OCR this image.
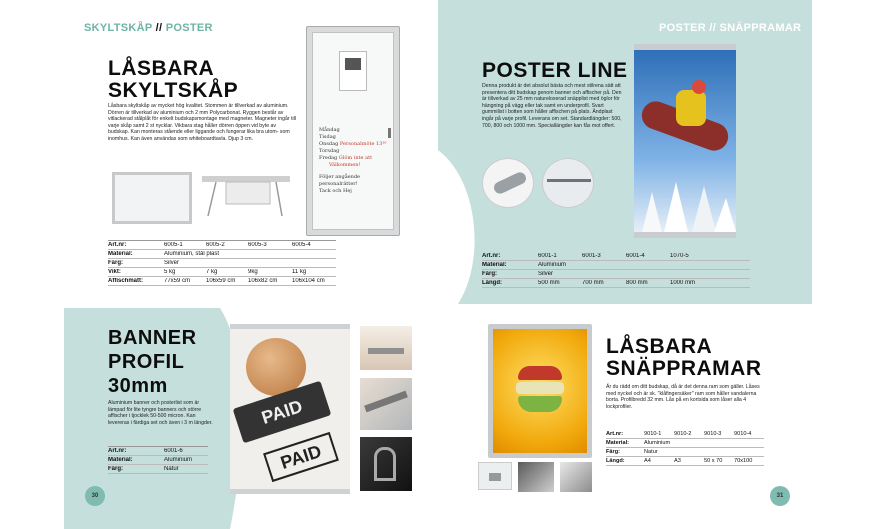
SKYLTSKÅP // POSTER
LÅSBARA
SKYLTSKÅP
Låsbara skyltskåp av mycket hög kvalitet. Stommen är tillverkad av aluminium. Dörren är tillverkad av aluminium och 2 mm Polycarbonat. Ryggen består av vitlackerad stålplåt för enkelt budskapsmontage med magneter. Magneter ingår till varje skåp samt 2 st nycklar. Vikbara stag håller dörren öppen vid byte av budskap. Kan monteras stående eller liggande och fungerar lika bra utom- som inomhus. Kan även användas som whiteboardtavla. Djup 3 cm.
Måndag
Tisdag
Onsdag Personalmöte 13³⁰
Torsdag
Fredag Glöm inte att
Välkommen!
Följer angående personalrätter!
Tack och Hej
Art.nr:	6005-1	6005-2	6005-3	6005-4
Material:	Aluminium, stål plast
Färg:	Silver
Vikt:	5 kg	7 kg	9kg	11 kg
Affischmått:	77x59 cm	106x59 cm	106x82 cm	106x104 cm
BANNER
PROFIL
30mm
Aluminium banner och posterlist som är lämpad för lite tyngre banners och större affischer i tjocklek 50-500 micron. Kan levereras i färdiga set och även i 3 m längder.
Art.nr:	6001-6
Material:	Aluminium
Färg:	Natur
PAID
PAID
30
POSTER // SNÄPPRAMAR
POSTER LINE
Denna produkt är det absolut bästa och mest stilrena sätt att presentera ditt budskap genom banner och affischer på. Den är tillverkad av 25 mm naturelоxerad snäpplist med öglor för hängning på vägg eller tak samt en underprofil. Svart gummilist i botten som håller affischen på plats. Ändplast ingår på varje profil. Leverans om set. Standardlängder: 500, 700, 800 och 1000 mm. Speciallängder kan fås mot offert.
Art.nr:	6001-1	6001-3	6001-4	1070-5
Material:	Aluminium
Färg:	Silver
Längd:	500 mm	700 mm	800 mm	1000 mm
LÅSBARA
SNÄPPRAMAR
Är du rädd om ditt budskap, då är det denna ram som gäller. Låses med nyckel och är sk. "klåfingersäker" ram som håller vandalerna borta. Profilbredd 32 mm. Lås på en kortsida som låser alla 4 lockprofiler.
Art.nr:	9010-1	9010-2	9010-3	9010-4
Material:	Aluminium
Färg:	Natur
Längd:	A4	A3	50 x 70	70x100
31
